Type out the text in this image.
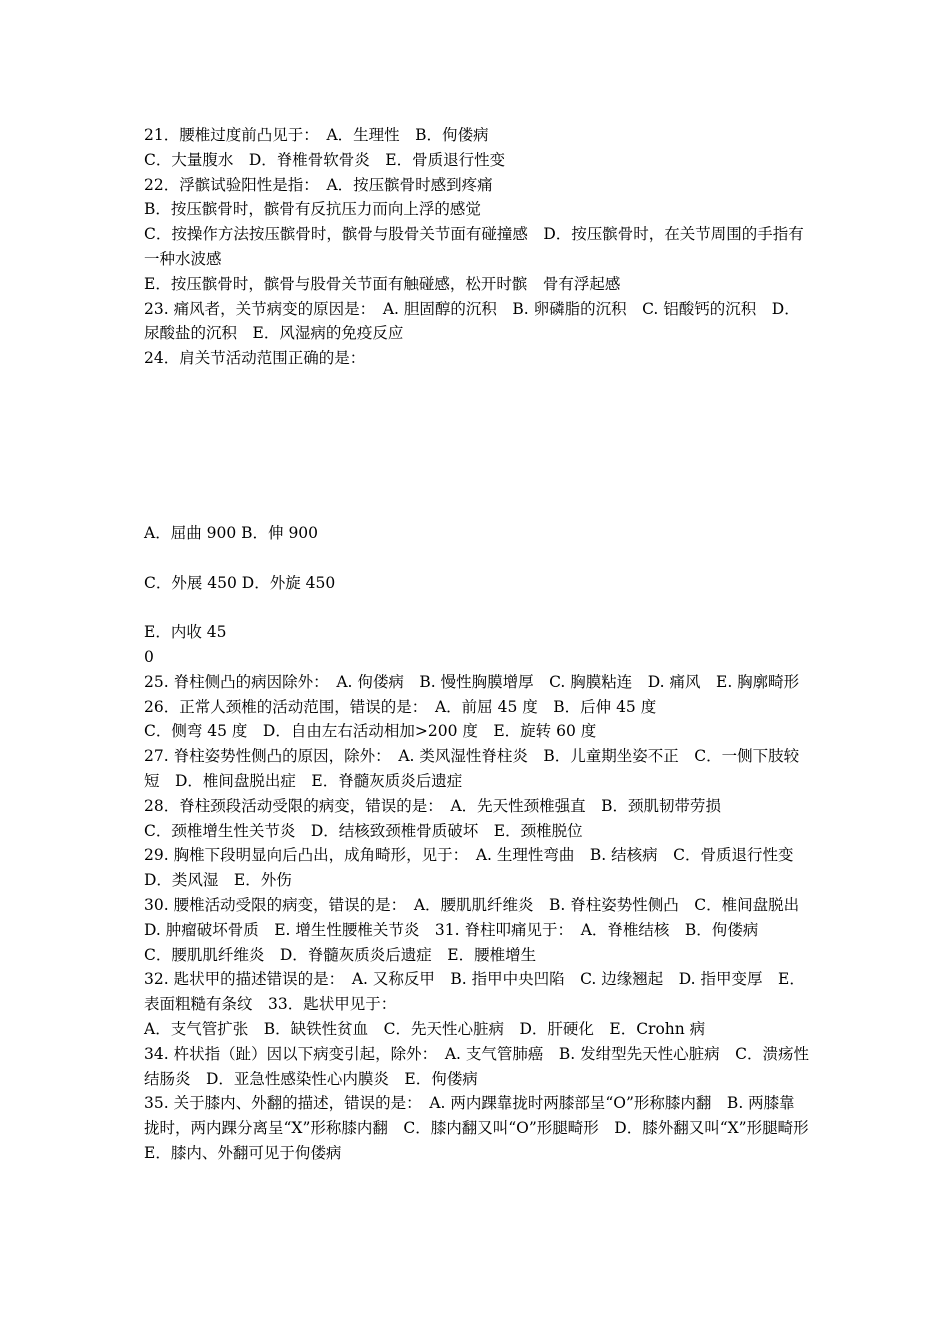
21．腰椎过度前凸见于：　A．生理性　B．佝偻病
C．大量腹水　D．脊椎骨软骨炎　E．骨质退行性变
22．浮髌试验阳性是指：　A．按压髌骨时感到疼痛
B．按压髌骨时，髌骨有反抗压力而向上浮的感觉
C．按操作方法按压髌骨时，髌骨与股骨关节面有碰撞感　D．按压髌骨时，在关节周围的手指有一种水波感
E．按压髌骨时，髌骨与股骨关节面有触碰感，松开时髌　骨有浮起感
23. 痛风者，关节病变的原因是：　A. 胆固醇的沉积　B. 卵磷脂的沉积　C. 铝酸钙的沉积　D．尿酸盐的沉积　E．风湿病的免疫反应
24．肩关节活动范围正确的是：
A．屈曲 900 B．伸 900
C．外展 450 D．外旋 450
E．内收 45
0
25. 脊柱侧凸的病因除外：　A. 佝偻病　B. 慢性胸膜增厚　C. 胸膜粘连　D. 痛风　E. 胸廓畸形
26．正常人颈椎的活动范围，错误的是：　A．前屈 45 度　B．后伸 45 度
C．侧弯 45 度　D．自由左右活动相加>200 度　E．旋转 60 度
27. 脊柱姿势性侧凸的原因，除外：　A. 类风湿性脊柱炎　B．儿童期坐姿不正　C．一侧下肢较短　D．椎间盘脱出症　E．脊髓灰质炎后遗症
28．脊柱颈段活动受限的病变，错误的是：　A．先天性颈椎强直　B．颈肌韧带劳损
C．颈椎增生性关节炎　D．结核致颈椎骨质破坏　E．颈椎脱位
29. 胸椎下段明显向后凸出，成角畸形，见于：　A. 生理性弯曲　B. 结核病　C．骨质退行性变　D．类风湿　E．外伤
30. 腰椎活动受限的病变，错误的是：　A．腰肌肌纤维炎　B. 脊柱姿势性侧凸　C．椎间盘脱出　D. 肿瘤破坏骨质　E. 增生性腰椎关节炎　31. 脊柱叩痛见于：　A．脊椎结核　B．佝偻病
C．腰肌肌纤维炎　D．脊髓灰质炎后遗症　E．腰椎增生
32. 匙状甲的描述错误的是：　A. 又称反甲　B. 指甲中央凹陷　C. 边缘翘起　D. 指甲变厚　E．表面粗糙有条纹　33．匙状甲见于：
A．支气管扩张　B．缺铁性贫血　C．先天性心脏病　D．肝硬化　E．Crohn 病
34. 杵状指（趾）因以下病变引起，除外：　A. 支气管肺癌　B. 发绀型先天性心脏病　C．溃疡性结肠炎　D．亚急性感染性心内膜炎　E．佝偻病
35. 关于膝内、外翻的描述，错误的是：　A. 两内踝靠拢时两膝部呈“O”形称膝内翻　B. 两膝靠拢时，两内踝分离呈“X”形称膝内翻　C．膝内翻又叫“O”形腿畸形　D．膝外翻又叫“X”形腿畸形　E．膝内、外翻可见于佝偻病
